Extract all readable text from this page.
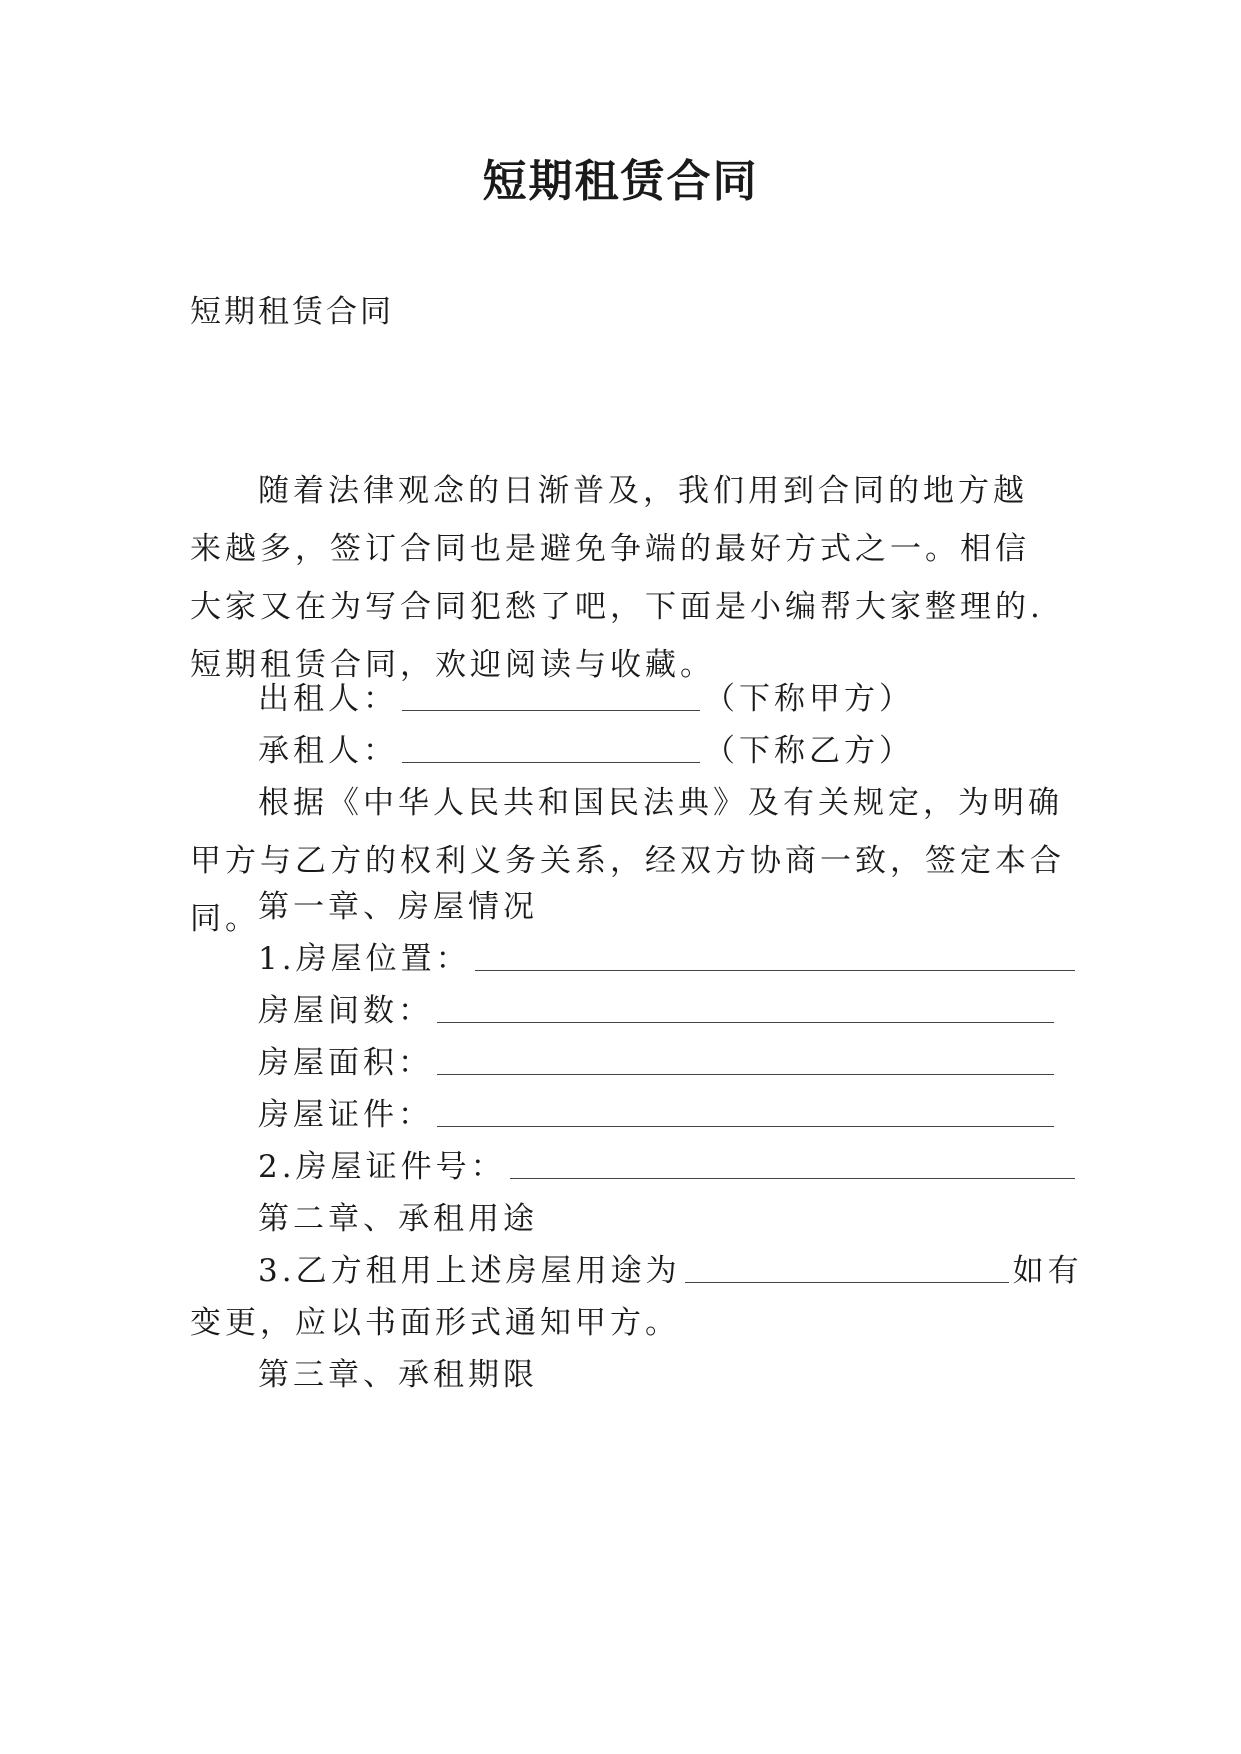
短期租赁合同
短期租赁合同
随着法律观念的日渐普及，我们用到合同的地方越来越多，签订合同也是避免争端的最好方式之一。相信大家又在为写合同犯愁了吧，下面是小编帮大家整理的.短期租赁合同，欢迎阅读与收藏。
出租人：	（下称甲方）
承租人：	（下称乙方）
根据《中华人民共和国民法典》及有关规定，为明确甲方与乙方的权利义务关系，经双方协商一致，签定本合同。
第一章、房屋情况
1.房屋位置：
房屋间数：
房屋面积：
房屋证件：
2.房屋证件号：
第二章、承租用途
3.乙方租用上述房屋用途为	如有
变更，应以书面形式通知甲方。
第三章、承租期限
